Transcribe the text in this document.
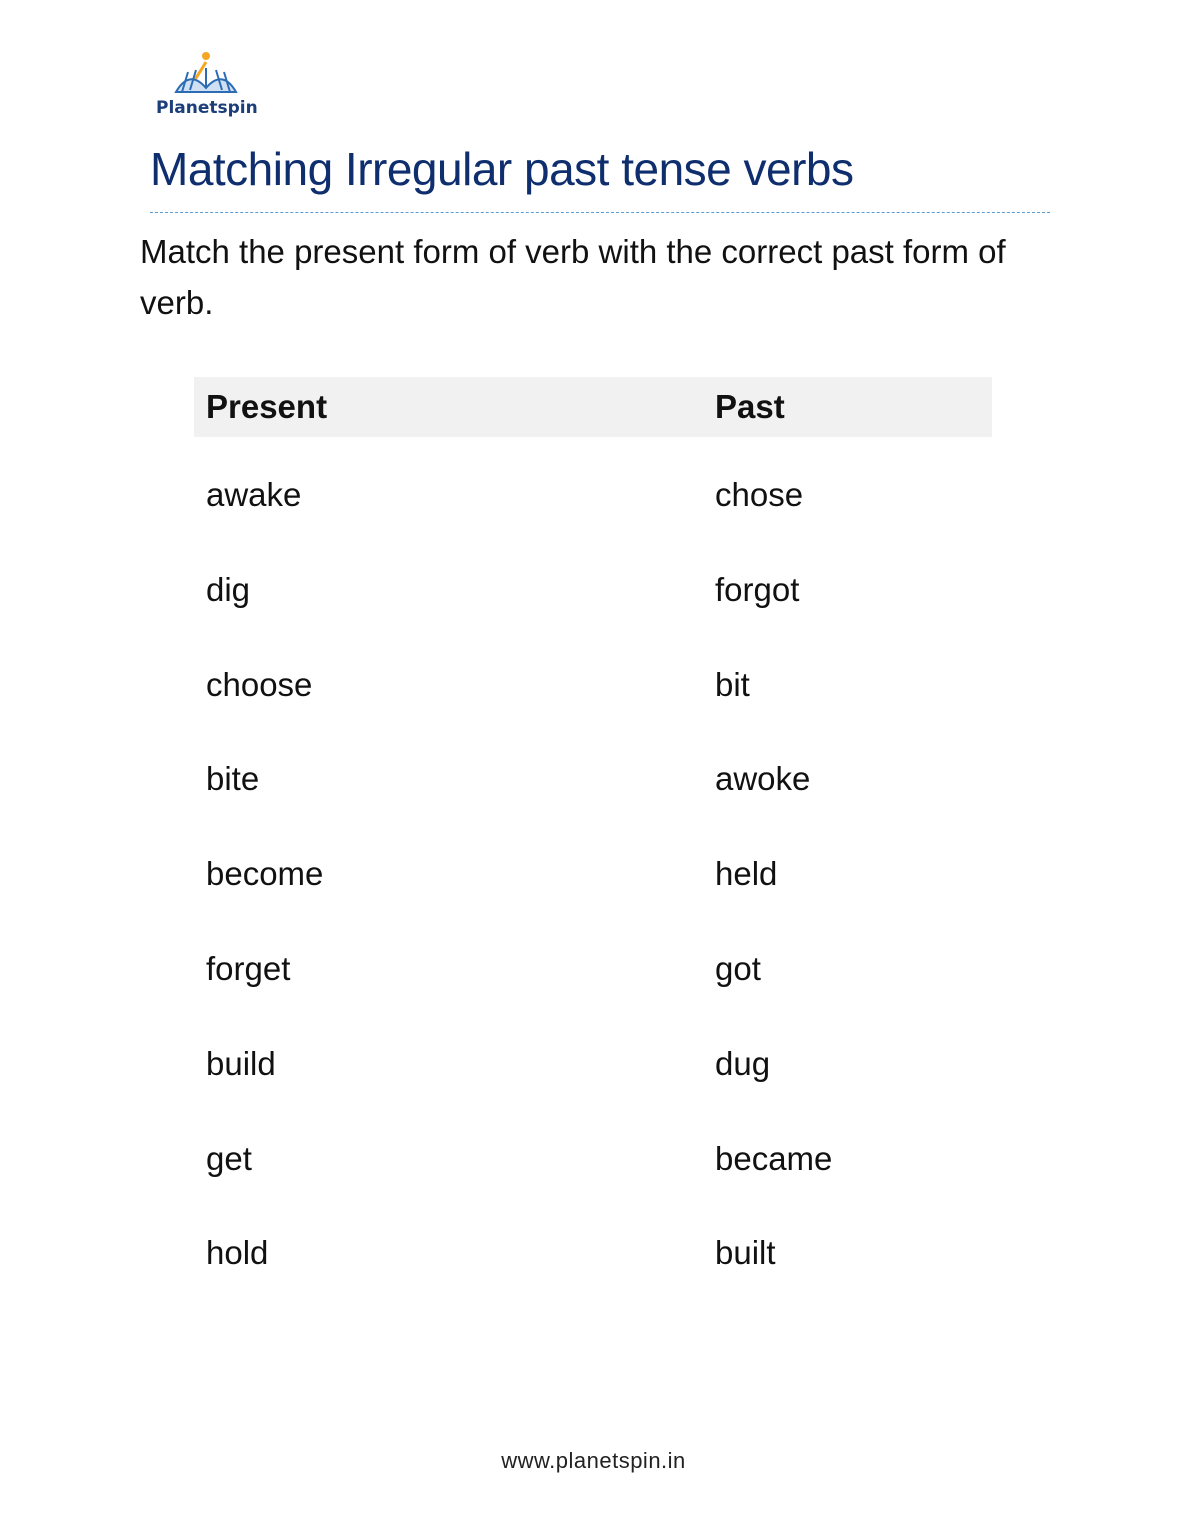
Planetspin
Matching Irregular past tense verbs
Match the present form of verb with the correct past form of verb.
Present	Past
awake	chose
dig	forgot
choose	bit
bite	awoke
become	held
forget	got
build	dug
get	became
hold	built
www.planetspin.in
